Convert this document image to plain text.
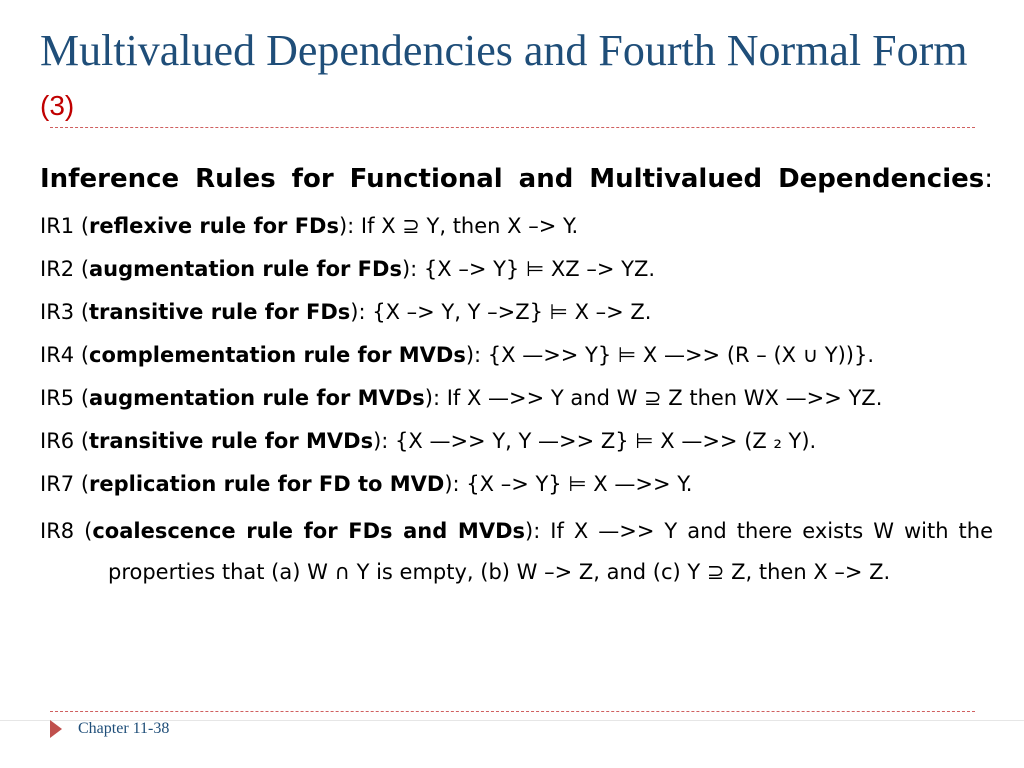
Multivalued Dependencies and Fourth Normal Form (3)

Inference Rules for Functional and Multivalued Dependencies:

IR1 (reflexive rule for FDs): If X ⊇ Y, then X –> Y.

IR2 (augmentation rule for FDs): {X –> Y} ⊨ XZ –> YZ.

IR3 (transitive rule for FDs): {X –> Y, Y –>Z} ⊨ X –> Z.

IR4 (complementation rule for MVDs): {X —>> Y} ⊨ X —>> (R – (X ∪ Y))}.

IR5 (augmentation rule for MVDs): If X —>> Y and W ⊇ Z then WX —>> YZ.

IR6 (transitive rule for MVDs): {X —>> Y, Y —>> Z} ⊨ X —>> (Z ₂ Y).

IR7 (replication rule for FD to MVD): {X –> Y} ⊨ X —>> Y.

IR8 (coalescence rule for FDs and MVDs): If X —>> Y and there exists W with the properties that (a) W ∩ Y is empty, (b) W –> Z, and (c) Y ⊇ Z, then X –> Z.

Chapter 11-38
